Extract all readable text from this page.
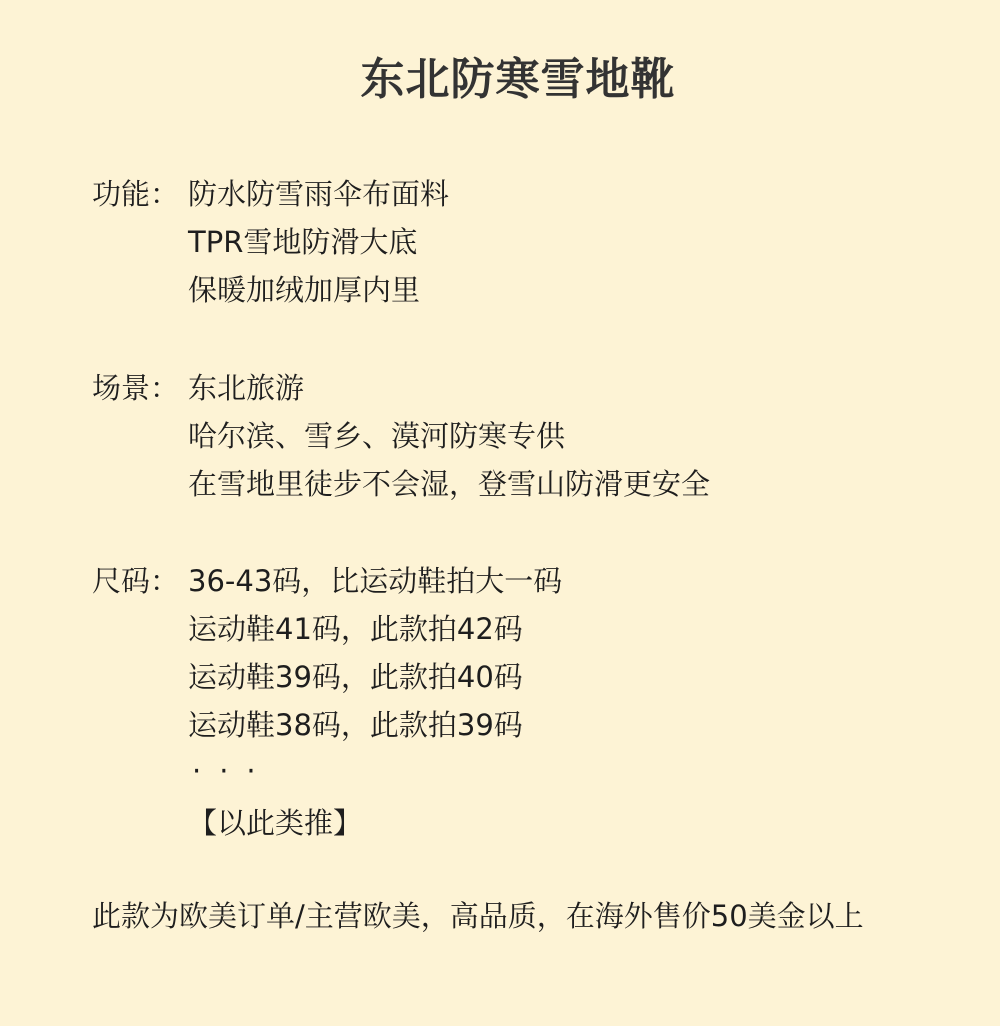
东北防寒雪地靴
功能： 防水防雪雨伞布面料
TPR雪地防滑大底
保暖加绒加厚内里
场景： 东北旅游
哈尔滨、雪乡、漠河防寒专供
在雪地里徒步不会湿，登雪山防滑更安全
尺码： 36-43码，比运动鞋拍大一码
运动鞋41码，此款拍42码
运动鞋39码，此款拍40码
运动鞋38码，此款拍39码
···
【以此类推】
此款为欧美订单/主营欧美，高品质，在海外售价50美金以上
